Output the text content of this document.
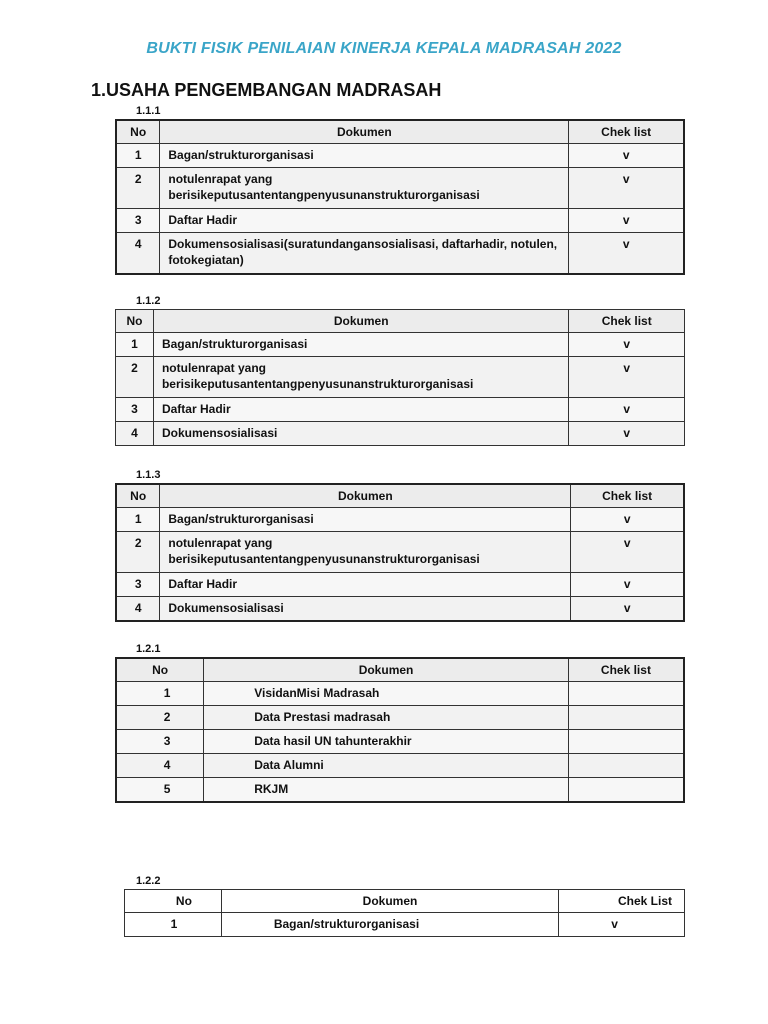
BUKTI FISIK PENILAIAN KINERJA KEPALA MADRASAH 2022
1.USAHA PENGEMBANGAN MADRASAH
1.1.1
No	Dokumen	Chek list
1	Bagan/strukturorganisasi	v
2	notulenrapat yang berisikeputusantentangpenyusunanstrukturorganisasi	v
3	Daftar Hadir	v
4	Dokumensosialisasi(suratundangansosialisasi, daftarhadir, notulen, fotokegiatan)	v
1.1.2
No	Dokumen	Chek list
1	Bagan/strukturorganisasi	v
2	notulenrapat yang berisikeputusantentangpenyusunanstrukturorganisasi	v
3	Daftar Hadir	v
4	Dokumensosialisasi	v
1.1.3
No	Dokumen	Chek list
1	Bagan/strukturorganisasi	v
2	notulenrapat yang berisikeputusantentangpenyusunanstrukturorganisasi	v
3	Daftar Hadir	v
4	Dokumensosialisasi	v
1.2.1
No	Dokumen	Chek list
1	VisidanMisi Madrasah	
2	Data Prestasi madrasah	
3	Data hasil UN tahunterakhir	
4	Data Alumni	
5	RKJM	
1.2.2
No	Dokumen	Chek List
1	Bagan/strukturorganisasi	v
